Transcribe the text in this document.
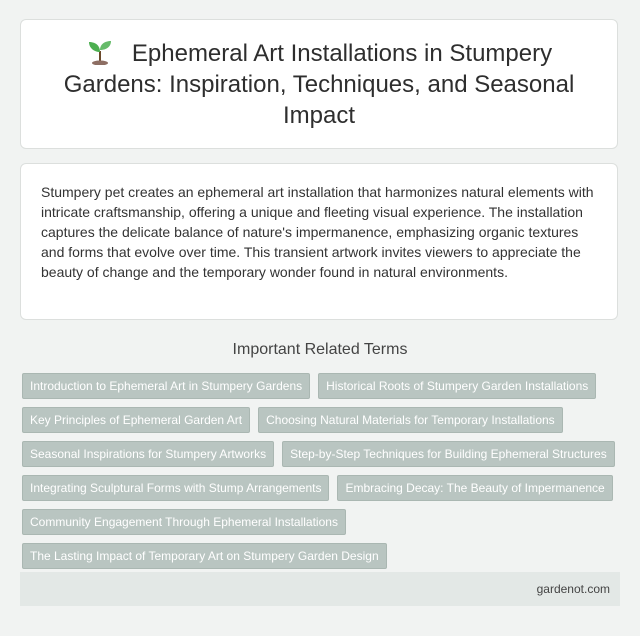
Ephemeral Art Installations in Stumpery Gardens: Inspiration, Techniques, and Seasonal Impact

Stumpery pet creates an ephemeral art installation that harmonizes natural elements with intricate craftsmanship, offering a unique and fleeting visual experience. The installation captures the delicate balance of nature's impermanence, emphasizing organic textures and forms that evolve over time. This transient artwork invites viewers to appreciate the beauty of change and the temporary wonder found in natural environments.

Important Related Terms
Introduction to Ephemeral Art in Stumpery Gardens	Historical Roots of Stumpery Garden Installations
Key Principles of Ephemeral Garden Art	Choosing Natural Materials for Temporary Installations
Seasonal Inspirations for Stumpery Artworks	Step-by-Step Techniques for Building Ephemeral Structures
Integrating Sculptural Forms with Stump Arrangements	Embracing Decay: The Beauty of Impermanence
Community Engagement Through Ephemeral Installations
The Lasting Impact of Temporary Art on Stumpery Garden Design
gardenot.com
